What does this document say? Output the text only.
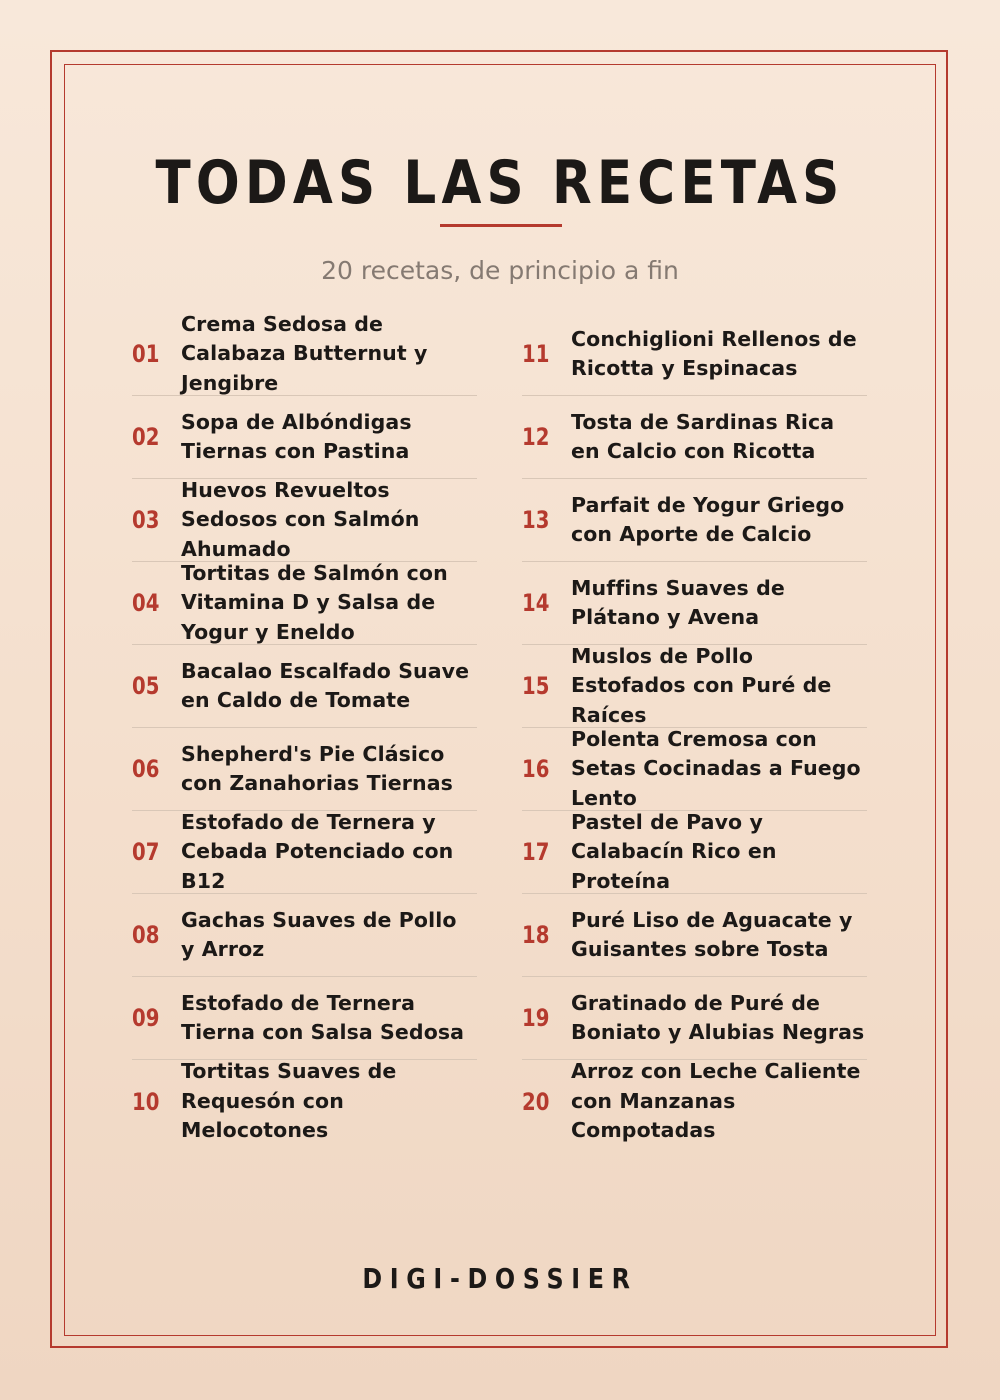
TODAS LAS RECETAS
20 recetas, de principio a fin
01
Crema Sedosa de Calabaza Butternut y Jengibre
02
Sopa de Albóndigas Tiernas con Pastina
03
Huevos Revueltos Sedosos con Salmón Ahumado
04
Tortitas de Salmón con Vitamina D y Salsa de Yogur y Eneldo
05
Bacalao Escalfado Suave en Caldo de Tomate
06
Shepherd's Pie Clásico con Zanahorias Tiernas
07
Estofado de Ternera y Cebada Potenciado con B12
08
Gachas Suaves de Pollo y Arroz
09
Estofado de Ternera Tierna con Salsa Sedosa
10
Tortitas Suaves de Requesón con Melocotones
11
Conchiglioni Rellenos de Ricotta y Espinacas
12
Tosta de Sardinas Rica en Calcio con Ricotta
13
Parfait de Yogur Griego con Aporte de Calcio
14
Muffins Suaves de Plátano y Avena
15
Muslos de Pollo Estofados con Puré de Raíces
16
Polenta Cremosa con Setas Cocinadas a Fuego Lento
17
Pastel de Pavo y Calabacín Rico en Proteína
18
Puré Liso de Aguacate y Guisantes sobre Tosta
19
Gratinado de Puré de Boniato y Alubias Negras
20
Arroz con Leche Caliente con Manzanas Compotadas
DIGI-DOSSIER
